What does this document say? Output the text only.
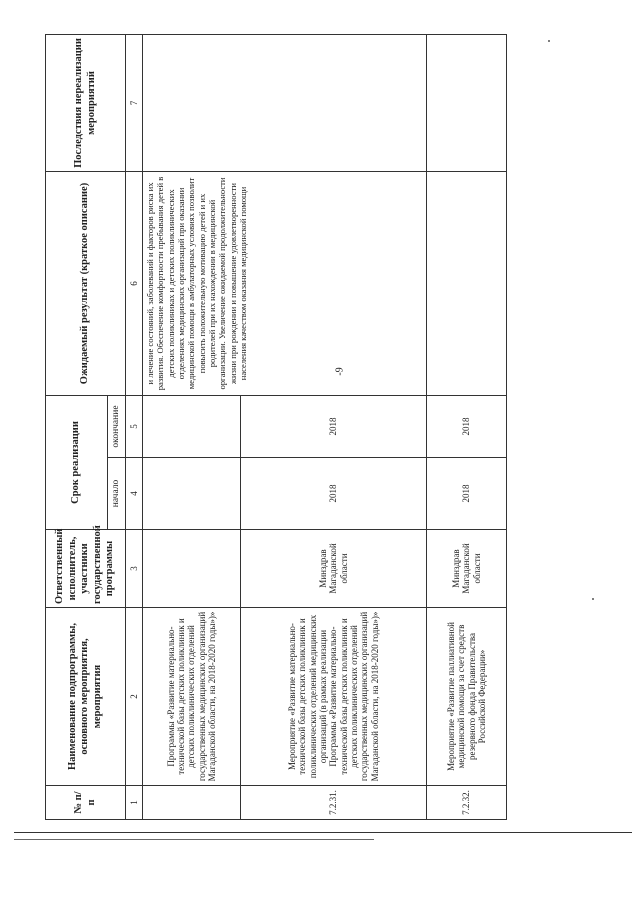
-9
№ п/п	Наименование подпрограммы, основного мероприятия, мероприятия	Ответственный исполнитель, участники государственной программы	Срок реализации		Ожидаемый результат (краткое описание)	Последствия нереализации мероприятий
			начало	окончание		
1	2	3	4	5	6	7
	Программы «Развитие материально-технической базы детских поликлиник и детских поликлинических отделений государственных медицинских организаций Магаданской области, на 2018-2020 годы»)»				и лечение состояний, заболеваний и факторов риска их развития. Обеспечение комфортности пребывания детей в детских поликлиниках и детских поликлинических отделениях медицинских организаций при оказании медицинской помощи в амбулаторных условиях позволит повысить положительную мотивацию детей и их родителей при их нахождении в медицинской организации. Увеличение ожидаемой продолжительности жизни при рождении и повышение удовлетворенности населения качеством оказания медицинской помощи	
7.2.31.	Мероприятие «Развитие материально-технической базы детских поликлиник и поликлинических отделений медицинских организаций (в рамках реализации Программы «Развитие материально-технической базы детских поликлиник и детских поликлинических отделений государственных медицинских организаций Магаданской области, на 2018-2020 годы»)»	Минздрав Магаданской области	2018	2018		
7.2.32.	Мероприятие «Развитие паллиативной медицинской помощи за счет средств резервного фонда Правительства Российской Федерации»	Минздрав Магаданской области	2018	2018		
